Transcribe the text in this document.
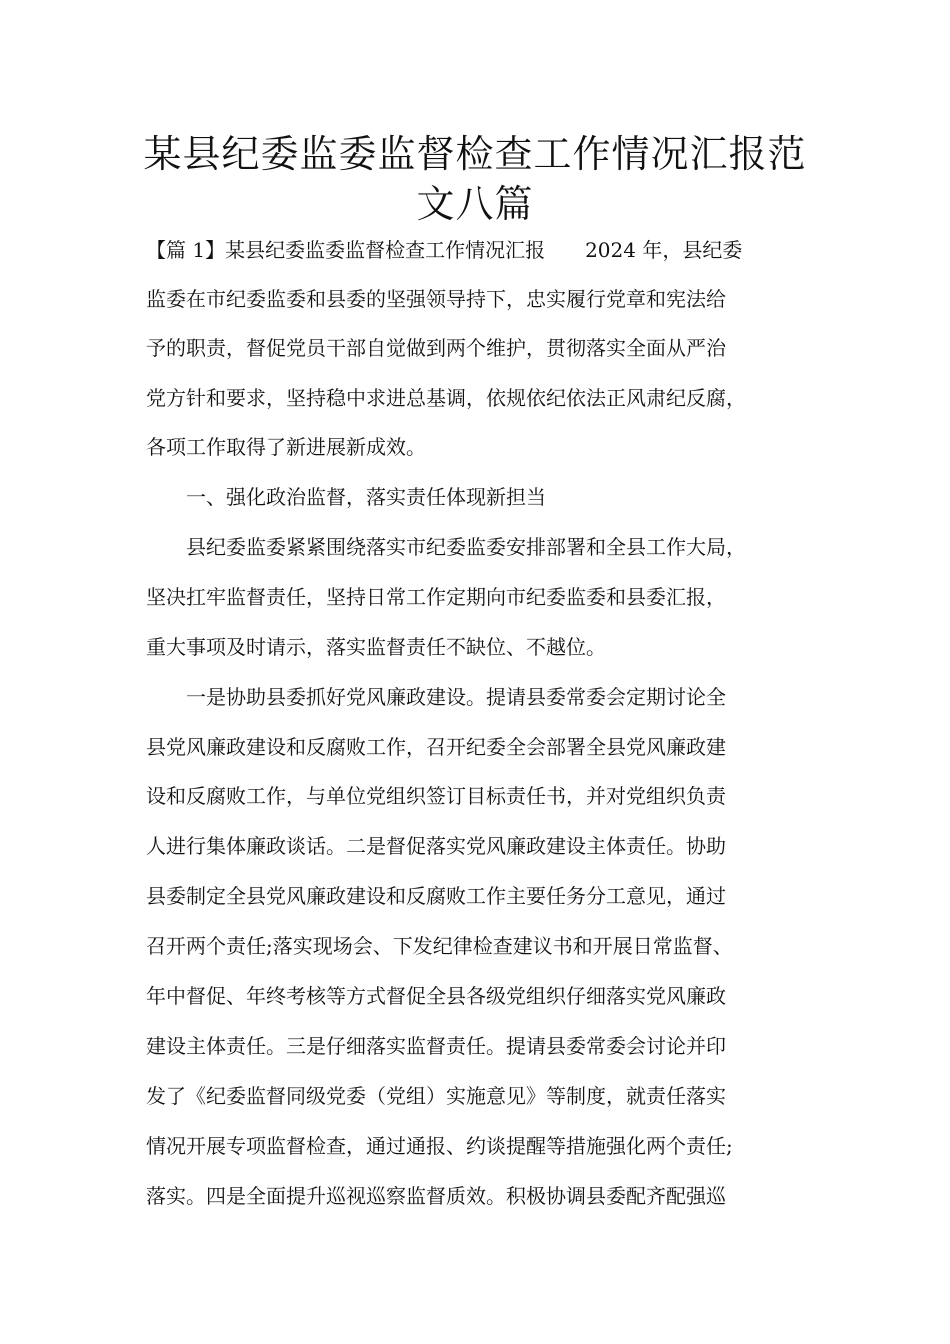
某县纪委监委监督检查工作情况汇报范
文八篇
【篇 1】某县纪委监委监督检查工作情况汇报　　2024 年，县纪委
监委在市纪委监委和县委的坚强领导持下，忠实履行党章和宪法给
予的职责，督促党员干部自觉做到两个维护，贯彻落实全面从严治
党方针和要求，坚持稳中求进总基调，依规依纪依法正风肃纪反腐，
各项工作取得了新进展新成效。
　　一、强化政治监督，落实责任体现新担当
　　县纪委监委紧紧围绕落实市纪委监委安排部署和全县工作大局，
坚决扛牢监督责任，坚持日常工作定期向市纪委监委和县委汇报，
重大事项及时请示，落实监督责任不缺位、不越位。
　　一是协助县委抓好党风廉政建设。提请县委常委会定期讨论全
县党风廉政建设和反腐败工作，召开纪委全会部署全县党风廉政建
设和反腐败工作，与单位党组织签订目标责任书，并对党组织负责
人进行集体廉政谈话。二是督促落实党风廉政建设主体责任。协助
县委制定全县党风廉政建设和反腐败工作主要任务分工意见，通过
召开两个责任;落实现场会、下发纪律检查建议书和开展日常监督、
年中督促、年终考核等方式督促全县各级党组织仔细落实党风廉政
建设主体责任。三是仔细落实监督责任。提请县委常委会讨论并印
发了《纪委监督同级党委（党组）实施意见》等制度，就责任落实
情况开展专项监督检查，通过通报、约谈提醒等措施强化两个责任;
落实。四是全面提升巡视巡察监督质效。积极协调县委配齐配强巡
